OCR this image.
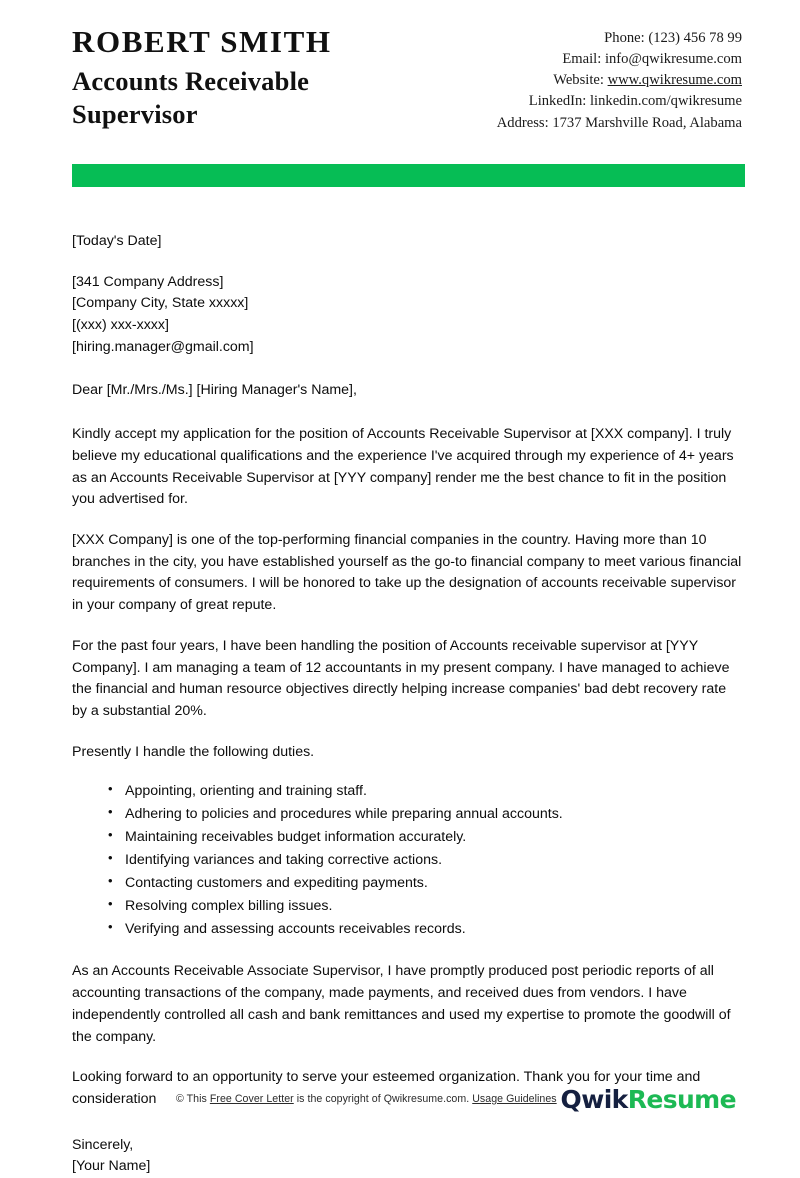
ROBERT SMITH
Accounts Receivable Supervisor
Phone: (123) 456 78 99
Email: info@qwikresume.com
Website: www.qwikresume.com
LinkedIn: linkedin.com/qwikresume
Address: 1737 Marshville Road, Alabama
[Today's Date]
[341 Company Address]
[Company City, State xxxxx]
[(xxx) xxx-xxxx]
[hiring.manager@gmail.com]

Dear [Mr./Mrs./Ms.] [Hiring Manager's Name],

Kindly accept my application for the position of Accounts Receivable Supervisor at [XXX company]. I truly believe my educational qualifications and the experience I've acquired through my experience of 4+ years as an Accounts Receivable Supervisor at [YYY company] render me the best chance to fit in the position you advertised for.

[XXX Company] is one of the top-performing financial companies in the country. Having more than 10 branches in the city, you have established yourself as the go-to financial company to meet various financial requirements of consumers. I will be honored to take up the designation of accounts receivable supervisor in your company of great repute.

For the past four years, I have been handling the position of Accounts receivable supervisor at [YYY Company]. I am managing a team of 12 accountants in my present company. I have managed to achieve the financial and human resource objectives directly helping increase companies' bad debt recovery rate by a substantial 20%.

Presently I handle the following duties.

• Appointing, orienting and training staff.
• Adhering to policies and procedures while preparing annual accounts.
• Maintaining receivables budget information accurately.
• Identifying variances and taking corrective actions.
• Contacting customers and expediting payments.
• Resolving complex billing issues.
• Verifying and assessing accounts receivables records.

As an Accounts Receivable Associate Supervisor, I have promptly produced post periodic reports of all accounting transactions of the company, made payments, and received dues from vendors. I have independently controlled all cash and bank remittances and used my expertise to promote the goodwill of the company.

Looking forward to an opportunity to serve your esteemed organization. Thank you for your time and consideration

Sincerely,
[Your Name]
© This Free Cover Letter is the copyright of Qwikresume.com. Usage Guidelines QwikResume
